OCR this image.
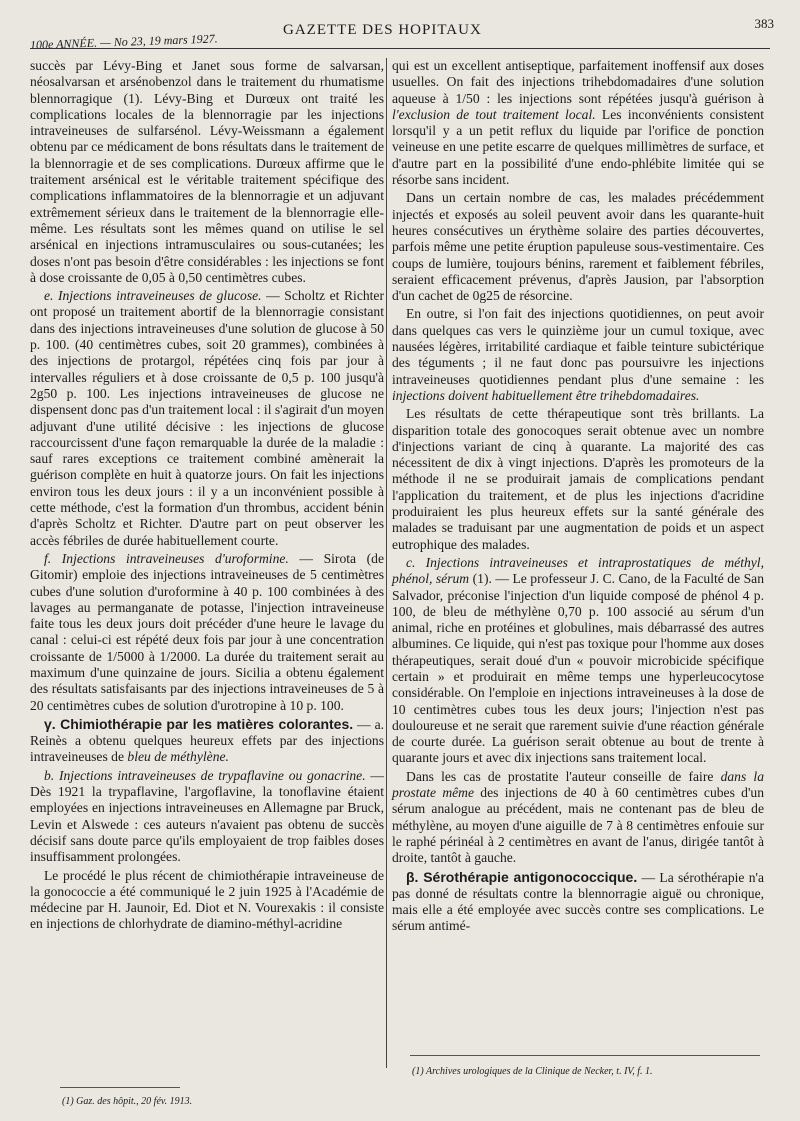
100e ANNÉE. — No 23, 19 mars 1927.
GAZETTE DES HOPITAUX	383

succès par Lévy-Bing et Janet sous forme de salvarsan, néosalvarsan et arsénobenzol dans le traitement du rhumatisme blennorragique (1). Lévy-Bing et Durœux ont traité les complications locales de la blennorragie par les injections intraveineuses de sulfarsénol. Lévy-Weissmann a également obtenu par ce médicament de bons résultats dans le traitement de la blennorragie et de ses complications. Durœux affirme que le traitement arsénical est le véritable traitement spécifique des complications inflammatoires de la blennorragie et un adjuvant extrêmement sérieux dans le traitement de la blennorragie elle-même. Les résultats sont les mêmes quand on utilise le sel arsénical en injections intramusculaires ou sous-cutanées; les doses n'ont pas besoin d'être considérables : les injections se font à dose croissante de 0,05 à 0,50 centimètres cubes.

e. Injections intraveineuses de glucose. — Scholtz et Richter ont proposé un traitement abortif de la blennorragie consistant dans des injections intraveineuses d'une solution de glucose à 50 p. 100. (40 centimètres cubes, soit 20 grammes), combinées à des injections de protargol, répétées cinq fois par jour à intervalles réguliers et à dose croissante de 0,5 p. 100 jusqu'à 2g50 p. 100. Les injections intraveineuses de glucose ne dispensent donc pas d'un traitement local : il s'agirait d'un moyen adjuvant d'une utilité décisive : les injections de glucose raccourcissent d'une façon remarquable la durée de la maladie : sauf rares exceptions ce traitement combiné amènerait la guérison complète en huit à quatorze jours. On fait les injections environ tous les deux jours : il y a un inconvénient possible à cette méthode, c'est la formation d'un thrombus, accident bénin d'après Scholtz et Richter. D'autre part on peut observer les accès fébriles de durée habituellement courte.

f. Injections intraveineuses d'uroformine. — Sirota (de Gitomir) emploie des injections intraveineuses de 5 centimètres cubes d'une solution d'uroformine à 40 p. 100 combinées à des lavages au permanganate de potasse, l'injection intraveineuse faite tous les deux jours doit précéder d'une heure le lavage du canal : celui-ci est répété deux fois par jour à une concentration croissante de 1/5000 à 1/2000. La durée du traitement serait au maximum d'une quinzaine de jours. Sicilia a obtenu également des résultats satisfaisants par des injections intraveineuses de 5 à 20 centimètres cubes de solution d'urotropine à 10 p. 100.

γ. Chimiothérapie par les matières colorantes. — a. Reinès a obtenu quelques heureux effets par des injections intraveineuses de bleu de méthylène.

b. Injections intraveineuses de trypaflavine ou gonacrine. — Dès 1921 la trypaflavine, l'argoflavine, la tonoflavine étaient employées en injections intraveineuses en Allemagne par Bruck, Levin et Alswede : ces auteurs n'avaient pas obtenu de succès décisif sans doute parce qu'ils employaient de trop faibles doses insuffisamment prolongées.

Le procédé le plus récent de chimiothérapie intraveineuse de la gonococcie a été communiqué le 2 juin 1925 à l'Académie de médecine par H. Jaunoir, Ed. Diot et N. Vourexakis : il consiste en injections de chlorhydrate de diamino-méthyl-acridine

(1) Gaz. des hôpit., 20 fév. 1913.

qui est un excellent antiseptique, parfaitement inoffensif aux doses usuelles. On fait des injections trihebdomadaires d'une solution aqueuse à 1/50 : les injections sont répétées jusqu'à guérison à l'exclusion de tout traitement local. Les inconvénients consistent lorsqu'il y a un petit reflux du liquide par l'orifice de ponction veineuse en une petite escarre de quelques millimètres de surface, et d'autre part en la possibilité d'une endo-phlébite limitée qui se résorbe sans incident.

Dans un certain nombre de cas, les malades précédemment injectés et exposés au soleil peuvent avoir dans les quarante-huit heures consécutives un érythème solaire des parties découvertes, parfois même une petite éruption papuleuse sous-vestimentaire. Ces coups de lumière, toujours bénins, rarement et faiblement fébriles, seraient efficacement prévenus, d'après Jausion, par l'absorption d'un cachet de 0g25 de résorcine.

En outre, si l'on fait des injections quotidiennes, on peut avoir dans quelques cas vers le quinzième jour un cumul toxique, avec nausées légères, irritabilité cardiaque et faible teinture subictérique des téguments ; il ne faut donc pas poursuivre les injections intraveineuses quotidiennes pendant plus d'une semaine : les injections doivent habituellement être trihebdomadaires.

Les résultats de cette thérapeutique sont très brillants. La disparition totale des gonocoques serait obtenue avec un nombre d'injections variant de cinq à quarante. La majorité des cas nécessitent de dix à vingt injections. D'après les promoteurs de la méthode il ne se produirait jamais de complications pendant l'application du traitement, et de plus les injections d'acridine produiraient les plus heureux effets sur la santé générale des malades se traduisant par une augmentation de poids et un aspect eutrophique des malades.

c. Injections intraveineuses et intraprostatiques de méthyl, phénol, sérum (1). — Le professeur J. C. Cano, de la Faculté de San Salvador, préconise l'injection d'un liquide composé de phénol 4 p. 100, de bleu de méthylène 0,70 p. 100 associé au sérum d'un animal, riche en protéines et globulines, mais débarrassé des autres albumines. Ce liquide, qui n'est pas toxique pour l'homme aux doses thérapeutiques, serait doué d'un « pouvoir microbicide spécifique certain » et produirait en même temps une hyperleucocytose considérable. On l'emploie en injections intraveineuses à la dose de 10 centimètres cubes tous les deux jours; l'injection n'est pas douloureuse et ne serait que rarement suivie d'une réaction générale de courte durée. La guérison serait obtenue au bout de trente à quarante jours et avec dix injections sans traitement local.

Dans les cas de prostatite l'auteur conseille de faire dans la prostate même des injections de 40 à 60 centimètres cubes d'un sérum analogue au précédent, mais ne contenant pas de bleu de méthylène, au moyen d'une aiguille de 7 à 8 centimètres enfouie sur le raphé périnéal à 2 centimètres en avant de l'anus, dirigée tantôt à droite, tantôt à gauche.

β. Sérothérapie antigonococcique. — La sérothérapie n'a pas donné de résultats contre la blennorragie aiguë ou chronique, mais elle a été employée avec succès contre ses complications. Le sérum antimé-

(1) Archives urologiques de la Clinique de Necker, t. IV, f. 1.
